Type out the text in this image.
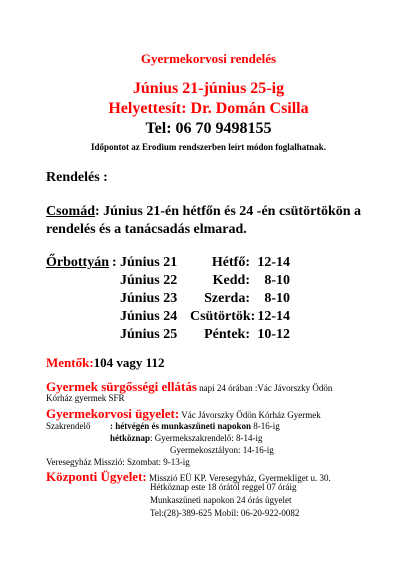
Gyermekorvosi rendelés
Június 21-június 25-ig
Helyettesít: Dr. Domán Csilla
Tel: 06 70 9498155
Időpontot az Erodium rendszerben leírt módon foglalhatnak.
Rendelés :
Csomád: Június 21-én hétfőn és 24 -én csütörtökön a
rendelés és a tanácsadás elmarad.
Őrbottyán : Június 21	Hétfő: 12-14
Június 22	Kedd:	8-10
Június 23	Szerda:	8-10
Június 24 Csütörtök: 12-14
Június 25	Péntek: 10-12
Mentők:104 vagy 112
Gyermek sürgősségi ellátás napi 24 órában :Vác Jávorszky Ödön
Kórház gyermek SFR
Gyermekorvosi ügyelet: Vác Jávorszky Ödön Kórház Gyermek
Szakrendelő : hétvégén és munkaszüneti napokon 8-16-ig
hétköznap: Gyermekszakrendelő: 8-14-ig
Gyermekosztályon: 14-16-ig
Veresegyház Misszió: Szombat: 9-13-ig
Központi Ügyelet: Misszió EÜ KP. Veresegyház, Gyermekliget u. 30.
Hétköznap este 18 órától reggel 07 óráig
Munkaszüneti napokon 24 órás ügyelet
Tel:(28)-389-625 Mobil: 06-20-922-0082
